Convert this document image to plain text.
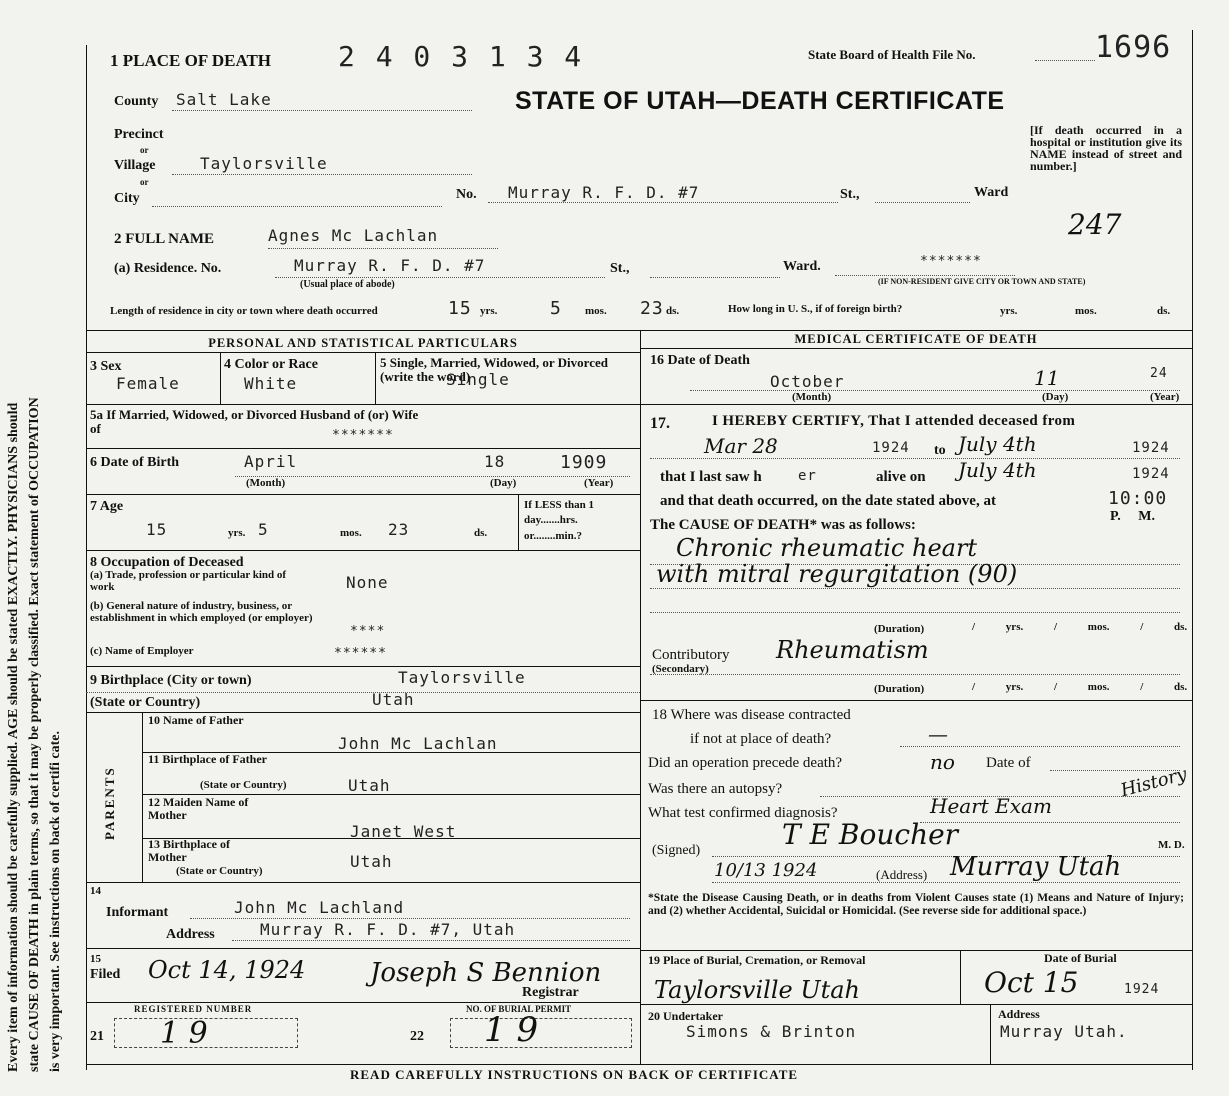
Every item of information should be carefully supplied. AGE should be stated EXACTLY. PHYSICIANS should state CAUSE OF DEATH in plain terms, so that it may be properly classified. Exact statement of OCCUPATION is very important. See instructions on back of certifi cate.
1 PLACE OF DEATH 2 4 0 3 1 3 4	State Board of Health File No.	1696
County Salt Lake	STATE OF UTAH—DEATH CERTIFICATE
Precinct
or
Village	Taylorsville
or
City	No. Murray R. F. D. #7	St.,	Ward
[If death occurred in a hospital or institution give its NAME instead of street and number.]
247
2 FULL NAME	Agnes Mc Lachlan
(a) Residence. No.	Murray R. F. D. #7	St.,	Ward.	*******
(Usual place of abode)	(IF NON-RESIDENT GIVE CITY OR TOWN AND STATE)
Length of residence in city or town where death occurred	15 yrs.	5 mos. 23 ds.	How long in U. S., if of foreign birth?	yrs.	mos.	ds.
PERSONAL AND STATISTICAL PARTICULARS
3 Sex
Female
4 Color or Race
White
5 Single, Married, Widowed, or Divorced (write the word)
Single
5a If Married, Widowed, or Divorced Husband of (or) Wife of	*******
6 Date of Birth	April	18	1909
(Month)	(Day)	(Year)
7 Age
15	yrs. 5	mos. 23	ds.
If LESS than 1 day.......hrs. or........min.?
8 Occupation of Deceased
(a) Trade, profession or particular kind of work	None
(b) General nature of industry, business, or establishment in which employed (or employer)
****
(c) Name of Employer	******
9 Birthplace (City or town)	Taylorsville
(State or Country)	Utah
PARENTS
10 Name of Father
John Mc Lachlan
11 Birthplace of Father
(State or Country)	Utah
12 Maiden Name of Mother
Janet West
13 Birthplace of Mother
(State or Country)	Utah
14
Informant	John Mc Lachland
Address	Murray R. F. D. #7, Utah
15
Filed Oct 14, 1924 Joseph S Bennion
Registrar
REGISTERED NUMBER
21 1 9
NO. OF BURIAL PERMIT
22 1 9
MEDICAL CERTIFICATE OF DEATH
16 Date of Death
October	11	24
(Month)	(Day)	(Year)
17.	I HEREBY CERTIFY, That I attended deceased from
Mar 28	1924 to July 4th	1924
that I last saw h	er	alive on July 4th	1924
and that death occurred, on the date stated above, at	10:00
P. M.
The CAUSE OF DEATH* was as follows:
Chronic rheumatic heart
with mitral regurgitation (90)
(Duration)	/ yrs. / mos. / ds.
Contributory
(Secondary)
Rheumatism
(Duration)	/ yrs. / mos. / ds.
18 Where was disease contracted
if not at place of death?	—
Did an operation precede death?	no Date of
Was there an autopsy?	History
What test confirmed diagnosis?	Heart Exam
T E Boucher
(Signed)	M. D.
10/13 1924	(Address) Murray Utah
*State the Disease Causing Death, or in deaths from Violent Causes state (1) Means and Nature of Injury; and (2) whether Accidental, Suicidal or Homicidal. (See reverse side for additional space.)
19 Place of Burial, Cremation, or Removal
Taylorsville Utah
Date of Burial
Oct 15	1924
20 Undertaker
Simons & Brinton
Address
Murray Utah.
READ CAREFULLY INSTRUCTIONS ON BACK OF CERTIFICATE
